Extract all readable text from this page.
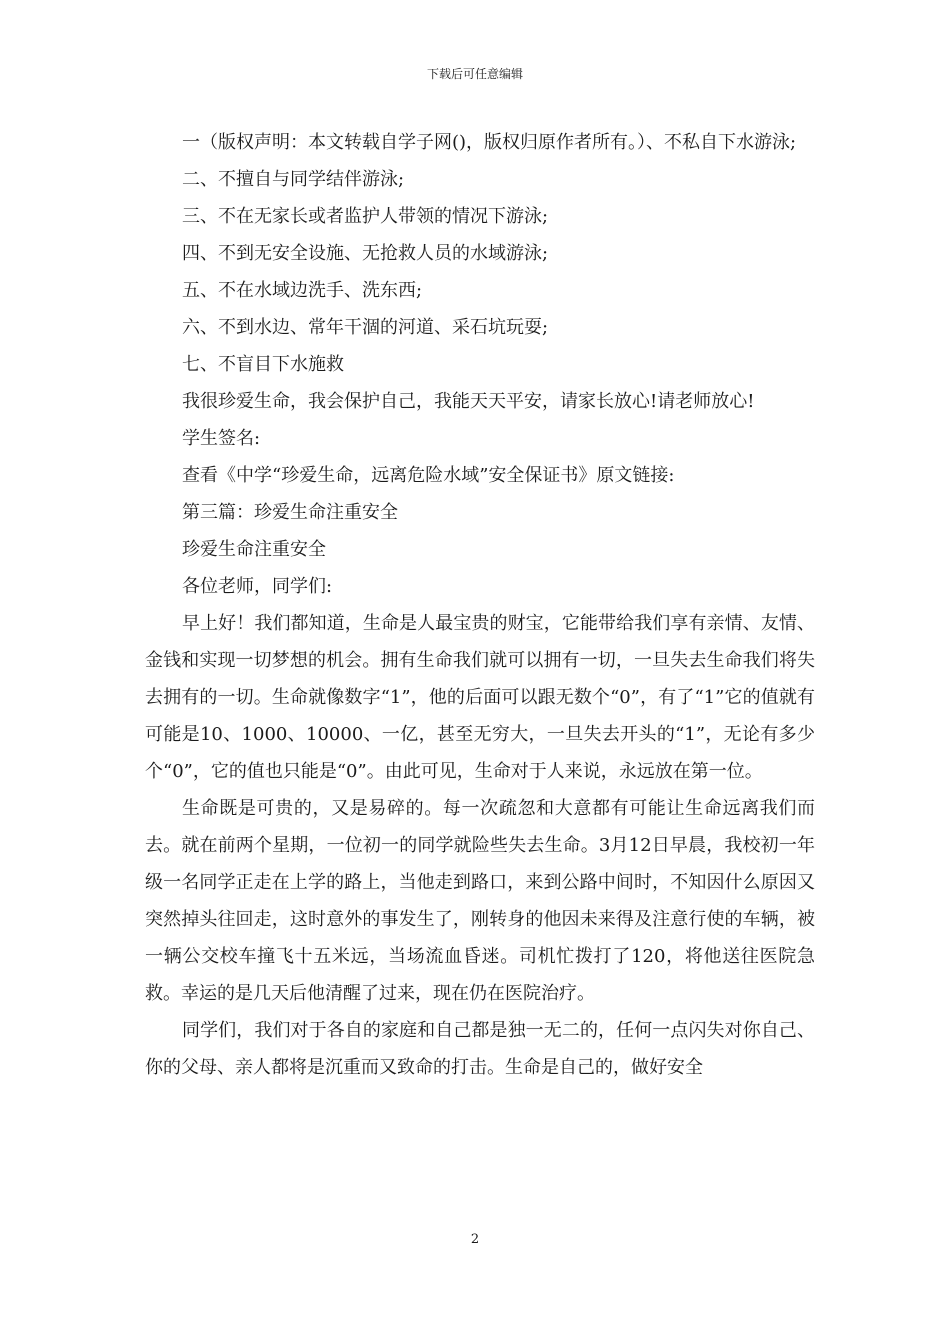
下载后可任意编辑

一（版权声明：本文转载自学子网()，版权归原作者所有。）、不私自下水游泳;

二、不擅自与同学结伴游泳;

三、不在无家长或者监护人带领的情况下游泳;

四、不到无安全设施、无抢救人员的水域游泳;

五、不在水域边洗手、洗东西;

六、不到水边、常年干涸的河道、采石坑玩耍;

七、不盲目下水施救

我很珍爱生命，我会保护自己，我能天天平安，请家长放心!请老师放心!

学生签名:

查看《中学“珍爱生命，远离危险水域”安全保证书》原文链接:

第三篇：珍爱生命注重安全

珍爱生命注重安全

各位老师，同学们:

早上好！我们都知道，生命是人最宝贵的财宝，它能带给我们享有亲情、友情、金钱和实现一切梦想的机会。拥有生命我们就可以拥有一切，一旦失去生命我们将失去拥有的一切。生命就像数字“1”，他的后面可以跟无数个“0”，有了“1”它的值就有可能是10、1000、10000、一亿，甚至无穷大，一旦失去开头的“1”，无论有多少个“0”，它的值也只能是“0”。由此可见，生命对于人来说，永远放在第一位。

生命既是可贵的，又是易碎的。每一次疏忽和大意都有可能让生命远离我们而去。就在前两个星期，一位初一的同学就险些失去生命。3月12日早晨，我校初一年级一名同学正走在上学的路上，当他走到路口，来到公路中间时，不知因什么原因又突然掉头往回走，这时意外的事发生了，刚转身的他因未来得及注意行使的车辆，被一辆公交校车撞飞十五米远，当场流血昏迷。司机忙拨打了120，将他送往医院急救。幸运的是几天后他清醒了过来，现在仍在医院治疗。

同学们，我们对于各自的家庭和自己都是独一无二的，任何一点闪失对你自己、你的父母、亲人都将是沉重而又致命的打击。生命是自己的，做好安全

2
